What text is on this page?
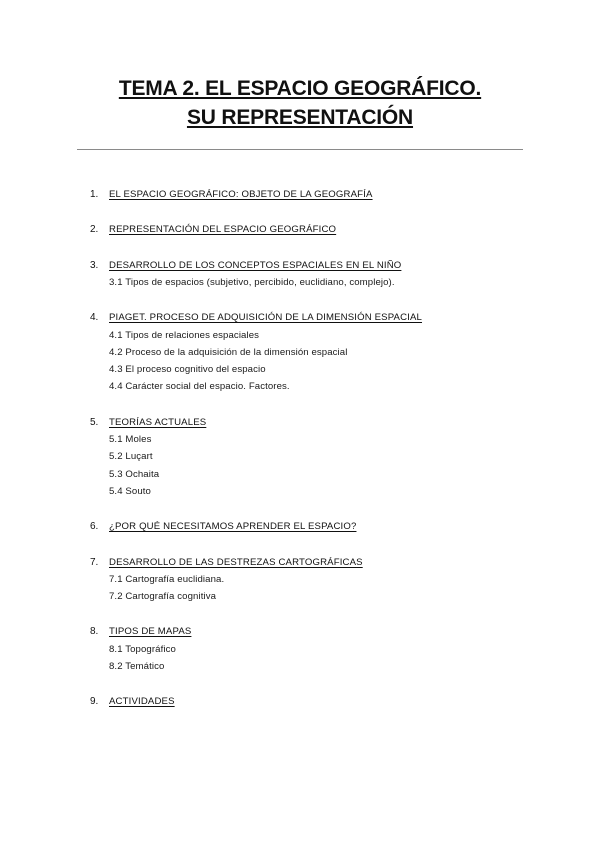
TEMA 2. EL ESPACIO GEOGRÁFICO.
SU REPRESENTACIÓN
1. EL ESPACIO GEOGRÁFICO: OBJETO DE LA GEOGRAFÍA
2. REPRESENTACIÓN DEL ESPACIO GEOGRÁFICO
3. DESARROLLO DE LOS CONCEPTOS ESPACIALES EN EL NIÑO
3.1 Tipos de espacios (subjetivo, percibido, euclidiano, complejo).
4. PIAGET. PROCESO DE ADQUISICIÓN DE LA DIMENSIÓN ESPACIAL
4.1 Tipos de relaciones espaciales
4.2 Proceso de la adquisición de la dimensión espacial
4.3 El proceso cognitivo del espacio
4.4 Carácter social del espacio. Factores.
5. TEORÍAS ACTUALES
5.1 Moles
5.2 Luçart
5.3 Ochaita
5.4 Souto
6. ¿POR QUÉ NECESITAMOS APRENDER EL ESPACIO?
7. DESARROLLO DE LAS DESTREZAS CARTOGRÁFICAS
7.1 Cartografía euclidiana.
7.2 Cartografía cognitiva
8. TIPOS DE MAPAS
8.1 Topográfico
8.2 Temático
9. ACTIVIDADES
